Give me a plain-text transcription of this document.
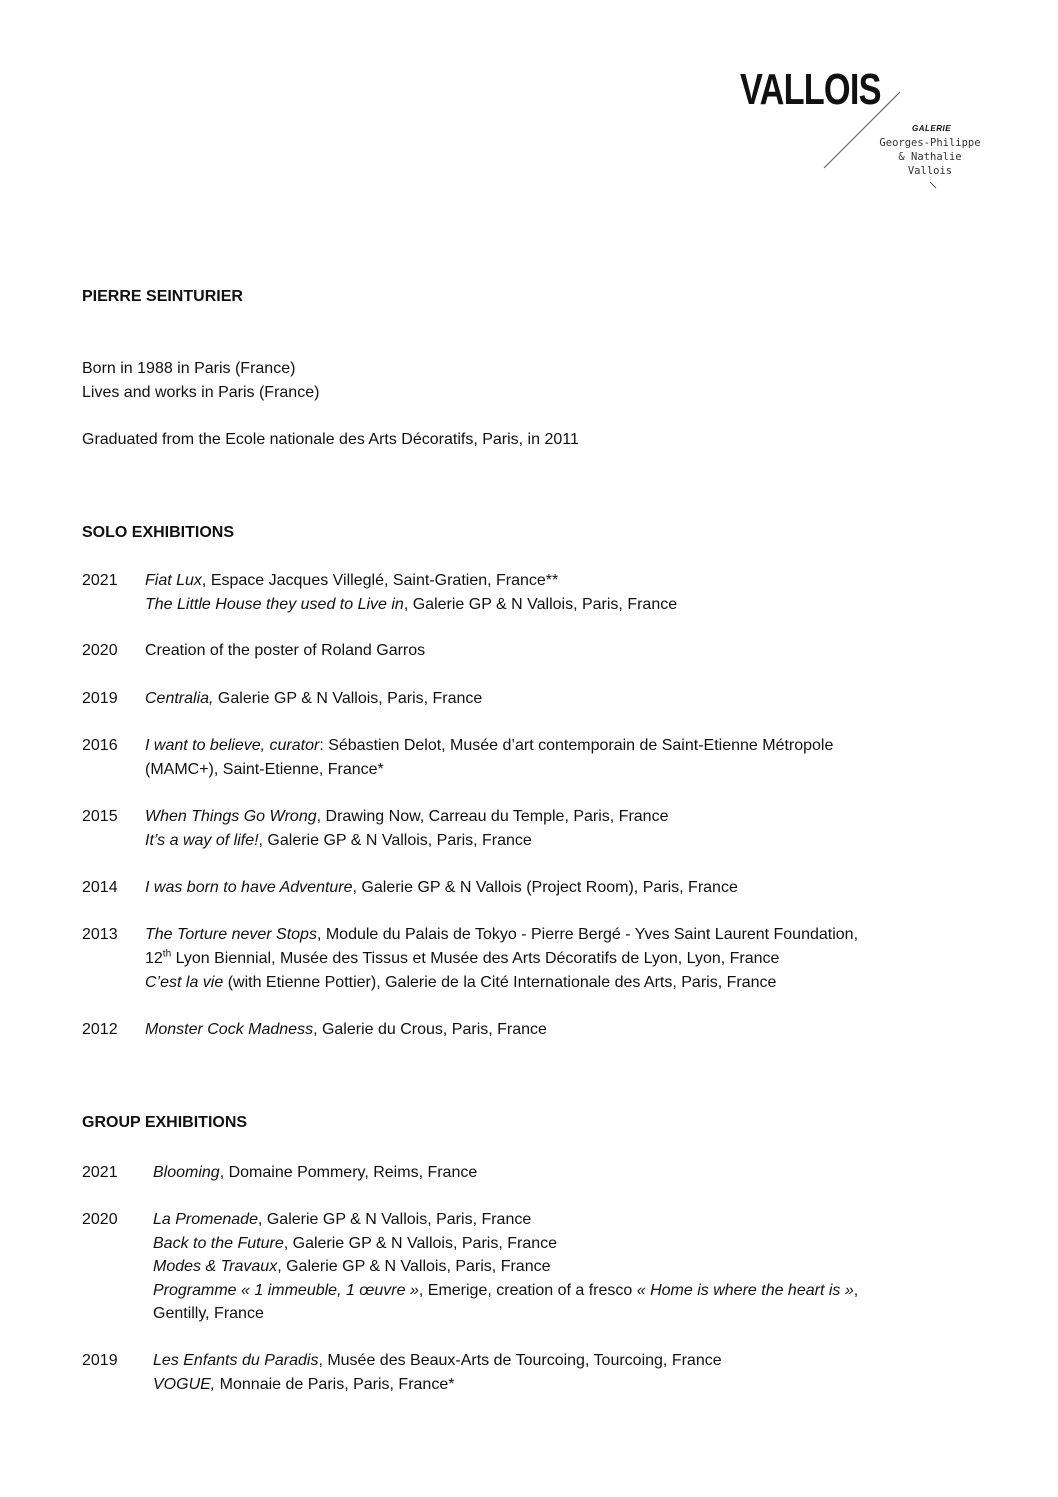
VALLOIS
GALERIE
Georges-Philippe
& Nathalie
Vallois
PIERRE SEINTURIER
Born in 1988 in Paris (France)
Lives and works in Paris (France)
Graduated from the Ecole nationale des Arts Décoratifs, Paris, in 2011
SOLO EXHIBITIONS
2021 Fiat Lux, Espace Jacques Villeglé, Saint-Gratien, France**
The Little House they used to Live in, Galerie GP & N Vallois, Paris, France
2020 Creation of the poster of Roland Garros
2019 Centralia, Galerie GP & N Vallois, Paris, France
2016 I want to believe, curator: Sébastien Delot, Musée d’art contemporain de Saint-Etienne Métropole
(MAMC+), Saint-Etienne, France*
2015 When Things Go Wrong, Drawing Now, Carreau du Temple, Paris, France
It’s a way of life!, Galerie GP & N Vallois, Paris, France
2014 I was born to have Adventure, Galerie GP & N Vallois (Project Room), Paris, France
2013 The Torture never Stops, Module du Palais de Tokyo - Pierre Bergé - Yves Saint Laurent Foundation,
12th Lyon Biennial, Musée des Tissus et Musée des Arts Décoratifs de Lyon, Lyon, France
C’est la vie (with Etienne Pottier), Galerie de la Cité Internationale des Arts, Paris, France
2012 Monster Cock Madness, Galerie du Crous, Paris, France
GROUP EXHIBITIONS
2021 Blooming, Domaine Pommery, Reims, France
2020 La Promenade, Galerie GP & N Vallois, Paris, France
Back to the Future, Galerie GP & N Vallois, Paris, France
Modes & Travaux, Galerie GP & N Vallois, Paris, France
Programme « 1 immeuble, 1 œuvre », Emerige, creation of a fresco « Home is where the heart is »,
Gentilly, France
2019 Les Enfants du Paradis, Musée des Beaux-Arts de Tourcoing, Tourcoing, France
VOGUE, Monnaie de Paris, Paris, France*
